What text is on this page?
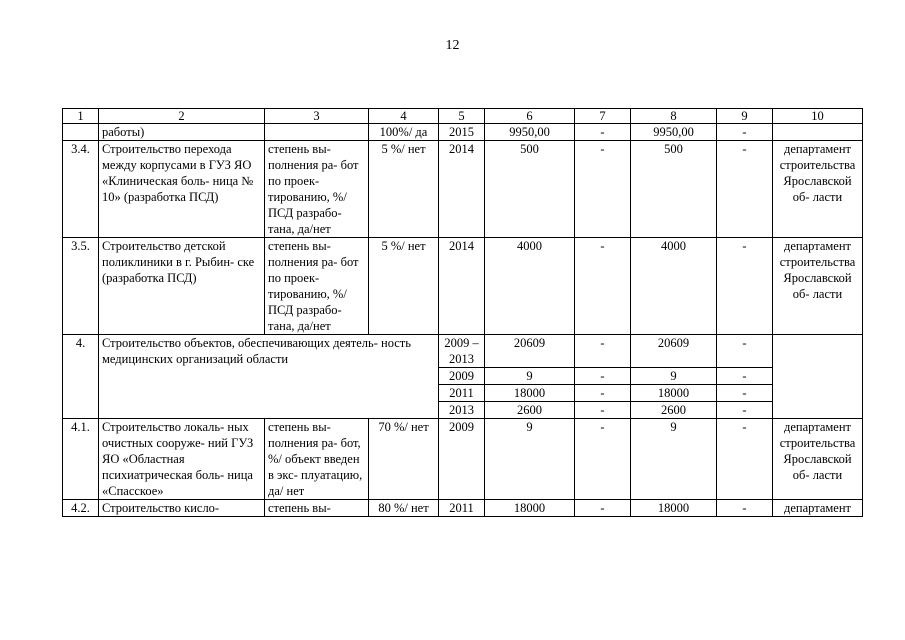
12
1	2	3	4	5	6	7	8	9	10
	работы)		100%/ да	2015	9950,00	-	9950,00	-	
3.4.	Строительство перехода между корпусами в ГУЗ ЯО «Клиническая боль- ница № 10» (разработка ПСД)	степень вы- полнения ра- бот по проек- тированию, %/ ПСД разрабо- тана, да/нет	5 %/ нет	2014	500	-	500	-	департамент строительства Ярославской об- ласти
3.5.	Строительство детской поликлиники в г. Рыбин- ске (разработка ПСД)	степень вы- полнения ра- бот по проек- тированию, %/ ПСД разрабо- тана, да/нет	5 %/ нет	2014	4000	-	4000	-	департамент строительства Ярославской об- ласти
4.	Строительство объектов, обеспечивающих деятель- ность медицинских организаций области			2009 – 2013	20609	-	20609	-	
				2009	9	-	9	-	
				2011	18000	-	18000	-	
				2013	2600	-	2600	-	
4.1.	Строительство локаль- ных очистных сооруже- ний ГУЗ ЯО «Областная психиатрическая боль- ница «Спасское»	степень вы- полнения ра- бот, %/ объект введен в экс- плуатацию, да/ нет	70 %/ нет	2009	9	-	9	-	департамент строительства Ярославской об- ласти
4.2.	Строительство кисло-	степень вы-	80 %/ нет	2011	18000	-	18000	-	департамент
